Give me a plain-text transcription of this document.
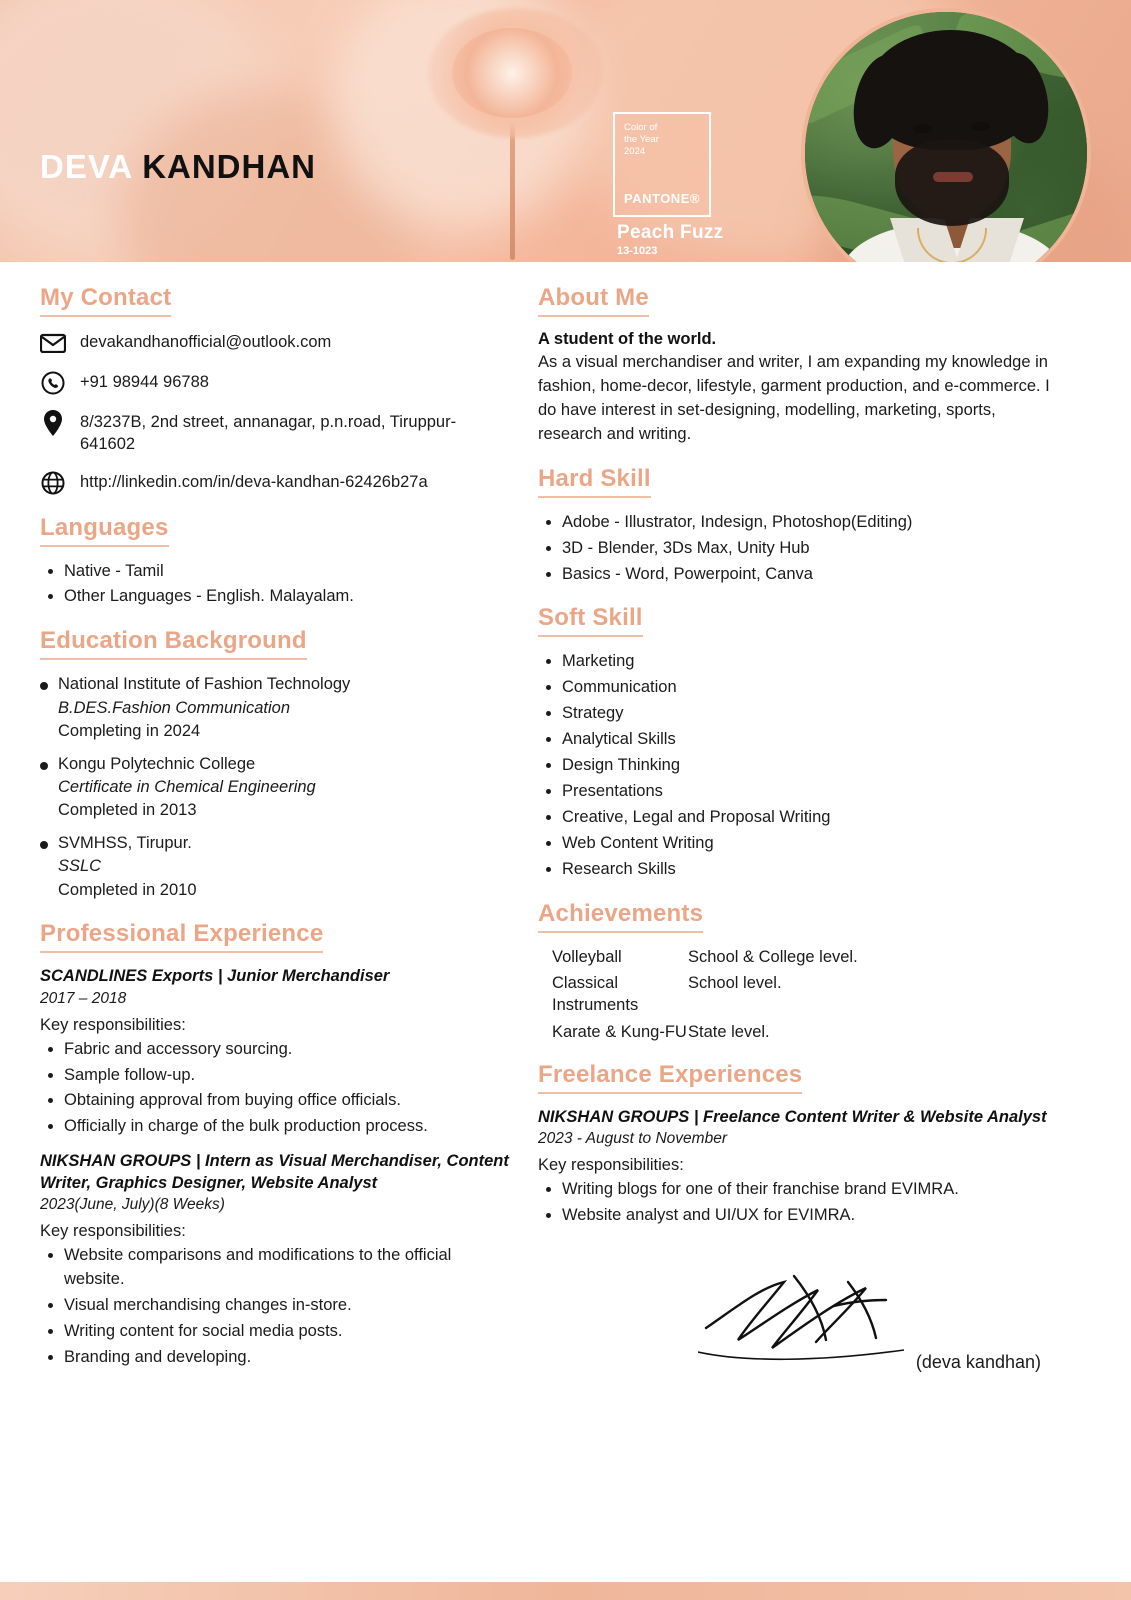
DEVA KANDHAN
Color of
the Year
2024
PANTONE®
Peach Fuzz
13-1023
My Contact
devakandhanofficial@outlook.com
+91 98944 96788
8/3237B, 2nd street, annanagar, p.n.road, Tiruppur-641602
http://linkedin.com/in/deva-kandhan-62426b27a
Languages
• Native - Tamil
• Other Languages - English. Malayalam.
Education Background
National Institute of Fashion Technology
B.DES.Fashion Communication
Completing in 2024
Kongu Polytechnic College
Certificate in Chemical Engineering
Completed in 2013
SVMHSS, Tirupur.
SSLC
Completed in 2010
Professional Experience
SCANDLINES Exports | Junior Merchandiser
2017 – 2018
Key responsibilities:
• Fabric and accessory sourcing.
• Sample follow-up.
• Obtaining approval from buying office officials.
• Officially in charge of the bulk production process.
NIKSHAN GROUPS | Intern as Visual Merchandiser, Content Writer, Graphics Designer, Website Analyst
2023(June, July)(8 Weeks)
Key responsibilities:
• Website comparisons and modifications to the official website.
• Visual merchandising changes in-store.
• Writing content for social media posts.
• Branding and developing.
About Me
A student of the world.
As a visual merchandiser and writer, I am expanding my knowledge in fashion, home-decor, lifestyle, garment production, and e-commerce. I do have interest in set-designing, modelling, marketing, sports, research and writing.
Hard Skill
• Adobe - Illustrator, Indesign, Photoshop(Editing)
• 3D - Blender, 3Ds Max, Unity Hub
• Basics - Word, Powerpoint, Canva
Soft Skill
• Marketing
• Communication
• Strategy
• Analytical Skills
• Design Thinking
• Presentations
• Creative, Legal and Proposal Writing
• Web Content Writing
• Research Skills
Achievements
Volleyball	School & College level.
Classical Instruments
School level.
Karate & Kung-FU State level.
Freelance Experiences
NIKSHAN GROUPS | Freelance Content Writer & Website Analyst
2023 - August to November
Key responsibilities:
• Writing blogs for one of their franchise brand EVIMRA.
• Website analyst and UI/UX for EVIMRA.
(deva kandhan)
